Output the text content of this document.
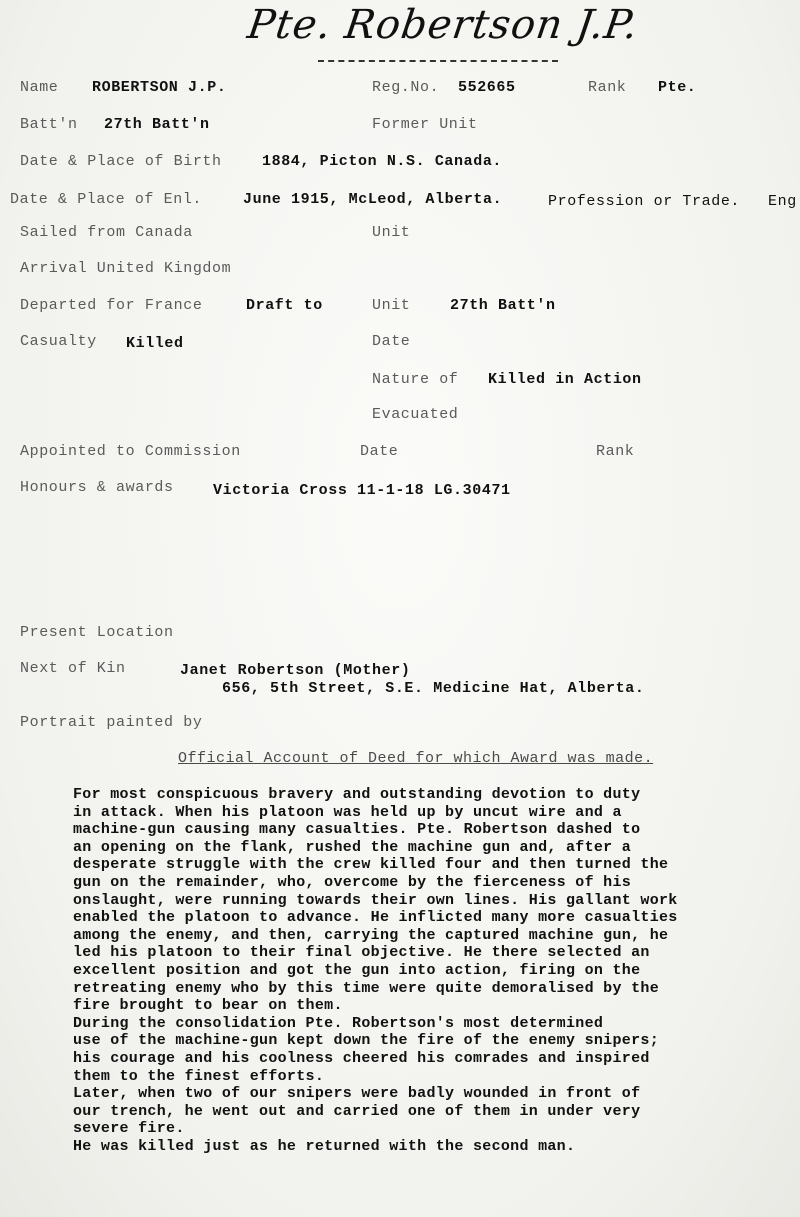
Pte. Robertson J.P.
Name ROBERTSON J.P.	Reg.No. 552665	Rank Pte.
Batt'n 27th Batt'n	Former Unit
Date & Place of Birth	1884, Picton N.S. Canada.
Date & Place of Enl.	June 1915, McLeod, Alberta.	Profession or Trade. Eng
Sailed from Canada	Unit
Arrival United Kingdom
Departed for France	Draft to	Unit	27th Batt'n
Casualty Killed	Date
Nature of Killed in Action
Evacuated
Appointed to Commission	Date	Rank
Honours & awards	Victoria Cross 11-1-18 LG.30471
Present Location
Next of Kin	Janet Robertson (Mother)
656, 5th Street, S.E. Medicine Hat, Alberta.
Portrait painted by
Official Account of Deed for which Award was made.
For most conspicuous bravery and outstanding devotion to duty
in attack. When his platoon was held up by uncut wire and a
machine-gun causing many casualties. Pte. Robertson dashed to
an opening on the flank, rushed the machine gun and, after a
desperate struggle with the crew killed four and then turned the
gun on the remainder, who, overcome by the fierceness of his
onslaught, were running towards their own lines. His gallant work
enabled the platoon to advance. He inflicted many more casualties
among the enemy, and then, carrying the captured machine gun, he
led his platoon to their final objective. He there selected an
excellent position and got the gun into action, firing on the
retreating enemy who by this time were quite demoralised by the
fire brought to bear on them.
During the consolidation Pte. Robertson's most determined
use of the machine-gun kept down the fire of the enemy snipers;
his courage and his coolness cheered his comrades and inspired
them to the finest efforts.
Later, when two of our snipers were badly wounded in front of
our trench, he went out and carried one of them in under very
severe fire.
He was killed just as he returned with the second man.
